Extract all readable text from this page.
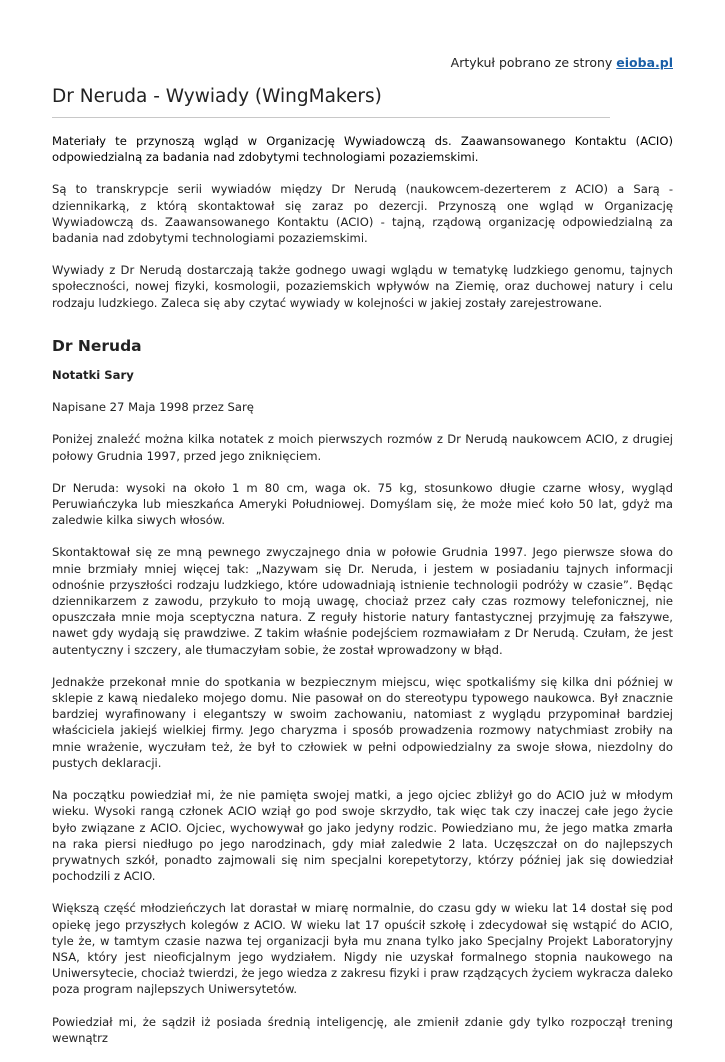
Artykuł pobrano ze strony eioba.pl
Dr Neruda - Wywiady (WingMakers)

Materiały te przynoszą wgląd w Organizację Wywiadowczą ds. Zaawansowanego Kontaktu (ACIO) odpowiedzialną za badania nad zdobytymi technologiami pozaziemskimi.

Są to transkrypcje serii wywiadów między Dr Nerudą (naukowcem-dezerterem z ACIO) a Sarą - dziennikarką, z którą skontaktował się zaraz po dezercji. Przynoszą one wgląd w Organizację Wywiadowczą ds. Zaawansowanego Kontaktu (ACIO) - tajną, rządową organizację odpowiedzialną za badania nad zdobytymi technologiami pozaziemskimi.

Wywiady z Dr Nerudą dostarczają także godnego uwagi wglądu w tematykę ludzkiego genomu, tajnych społeczności, nowej fizyki, kosmologii, pozaziemskich wpływów na Ziemię, oraz duchowej natury i celu rodzaju ludzkiego. Zaleca się aby czytać wywiady w kolejności w jakiej zostały zarejestrowane.

Dr Neruda
Notatki Sary

Napisane 27 Maja 1998 przez Sarę

Poniżej znaleźć można kilka notatek z moich pierwszych rozmów z Dr Nerudą naukowcem ACIO, z drugiej połowy Grudnia 1997, przed jego zniknięciem.

Dr Neruda: wysoki na około 1 m 80 cm, waga ok. 75 kg, stosunkowo długie czarne włosy, wygląd Peruwiańczyka lub mieszkańca Ameryki Południowej. Domyślam się, że może mieć koło 50 lat, gdyż ma zaledwie kilka siwych włosów.

Skontaktował się ze mną pewnego zwyczajnego dnia w połowie Grudnia 1997. Jego pierwsze słowa do mnie brzmiały mniej więcej tak: „Nazywam się Dr. Neruda, i jestem w posiadaniu tajnych informacji odnośnie przyszłości rodzaju ludzkiego, które udowadniają istnienie technologii podróży w czasie”. Będąc dziennikarzem z zawodu, przykuło to moją uwagę, chociaż przez cały czas rozmowy telefonicznej, nie opuszczała mnie moja sceptyczna natura. Z reguły historie natury fantastycznej przyjmuję za fałszywe, nawet gdy wydają się prawdziwe. Z takim właśnie podejściem rozmawiałam z Dr Nerudą. Czułam, że jest autentyczny i szczery, ale tłumaczyłam sobie, że został wprowadzony w błąd.

Jednakże przekonał mnie do spotkania w bezpiecznym miejscu, więc spotkaliśmy się kilka dni później w sklepie z kawą niedaleko mojego domu. Nie pasował on do stereotypu typowego naukowca. Był znacznie bardziej wyrafinowany i elegantszy w swoim zachowaniu, natomiast z wyglądu przypominał bardziej właściciela jakiejś wielkiej firmy. Jego charyzma i sposób prowadzenia rozmowy natychmiast zrobiły na mnie wrażenie, wyczułam też, że był to człowiek w pełni odpowiedzialny za swoje słowa, niezdolny do pustych deklaracji.

Na początku powiedział mi, że nie pamięta swojej matki, a jego ojciec zbliżył go do ACIO już w młodym wieku. Wysoki rangą członek ACIO wziął go pod swoje skrzydło, tak więc tak czy inaczej całe jego życie było związane z ACIO. Ojciec, wychowywał go jako jedyny rodzic. Powiedziano mu, że jego matka zmarła na raka piersi niedługo po jego narodzinach, gdy miał zaledwie 2 lata. Uczęszczał on do najlepszych prywatnych szkół, ponadto zajmowali się nim specjalni korepetytorzy, którzy później jak się dowiedział pochodzili z ACIO.

Większą część młodzieńczych lat dorastał w miarę normalnie, do czasu gdy w wieku lat 14 dostał się pod opiekę jego przyszłych kolegów z ACIO. W wieku lat 17 opuścił szkołę i zdecydował się wstąpić do ACIO, tyle że, w tamtym czasie nazwa tej organizacji była mu znana tylko jako Specjalny Projekt Laboratoryjny NSA, który jest nieoficjalnym jego wydziałem. Nigdy nie uzyskał formalnego stopnia naukowego na Uniwersytecie, chociaż twierdzi, że jego wiedza z zakresu fizyki i praw rządzących życiem wykracza daleko poza program najlepszych Uniwersytetów.

Powiedział mi, że sądził iż posiada średnią inteligencję, ale zmienił zdanie gdy tylko rozpoczął trening wewnątrz
